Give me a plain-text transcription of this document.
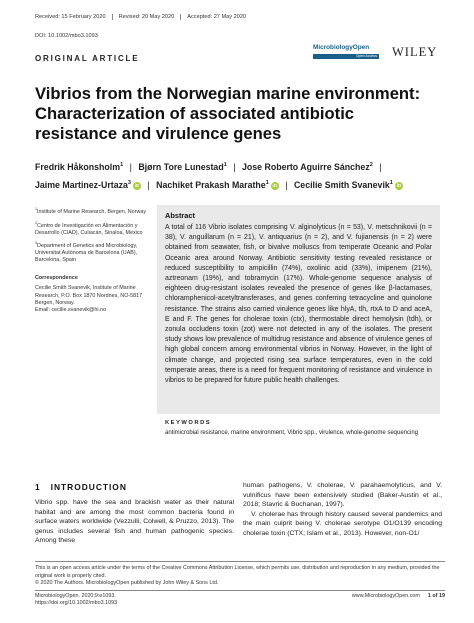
Received: 15 February 2020	Revised: 20 May 2020	Accepted: 27 May 2020
DOI: 10.1002/mbo3.1093
ORIGINAL ARTICLE
MicrobiologyOpen
Open Access WILEY
Vibrios from the Norwegian marine environment: Characterization of associated antibiotic resistance and virulence genes
Fredrik Håkonsholm$^1$ | Bjørn Tore Lunestad$^1$ | Jose Roberto Aguirre Sánchez$^2$ |
Jaime Martinez-Urtaza$^3$ iD | Nachiket Prakash Marathe$^1$ iD | Cecilie Smith Svanevik$^1$ iD

$^1$Institute of Marine Research, Bergen, Norway

$^2$Centro de Investigación en Alimentación y Desarrollo (CIAD), Culiacán, Sinaloa, Mexico

$^3$Department of Genetics and Microbiology, Universitat Autònoma de Barcelona (UAB), Barcelona, Spain

Correspondence

Cecilie Smith Svanevik, Institute of Marine Research, P.O. Box 1870 Nordnes, NO-5817 Bergen, Norway.
Email: cecilie.svanevik@hi.no

Abstract
A total of 116 Vibrio isolates comprising V. alginolyticus (n = 53), V. metschnikovii (n = 38), V. anguillarum (n = 21), V. antiquarius (n = 2), and V. fujianensis (n = 2) were obtained from seawater, fish, or bivalve molluscs from temperate Oceanic and Polar Oceanic area around Norway. Antibiotic sensitivity testing revealed resistance or reduced susceptibility to ampicillin (74%), oxolinic acid (33%), imipenem (21%), aztreonam (19%), and tobramycin (17%). Whole-genome sequence analysis of eighteen drug-resistant isolates revealed the presence of genes like β-lactamases, chloramphenicol-acetyltransferases, and genes conferring tetracycline and quinolone resistance. The strains also carried virulence genes like hlyA, tlh, rtxA to D and aceA, E and F. The genes for cholerae toxin (ctx), thermostable direct hemolysin (tdh), or zonula occludens toxin (zot) were not detected in any of the isolates. The present study shows low prevalence of multidrug resistance and absence of virulence genes of high global concern among environmental vibrios in Norway. However, in the light of climate change, and projected rising sea surface temperatures, even in the cold temperate areas, there is a need for frequent monitoring of resistance and virulence in vibrios to be prepared for future public health challenges.
KEYWORDS
antimicrobial resistance, marine environment, Vibrio spp., virulence, whole-genome sequencing
1 INTRODUCTION

Vibrio spp. have the sea and brackish water as their natural habitat and are among the most common bacteria found in surface waters worldwide (Vezzulli, Colwell, & Pruzzo, 2013). The genus includes several fish and human pathogenic species. Among these

human pathogens, V. cholerae, V. parahaemolyticus, and V. vulnificus have been extensively studied (Baker-Austin et al., 2018; Stavric & Buchanan, 1997).

V. cholerae has through history caused several pandemics and the main culprit being V. cholerae serotype O1/O139 encoding cholerae toxin (CTX; Islam et al., 2013). However, non-O1/

This is an open access article under the terms of the Creative Commons Attribution License, which permits use, distribution and reproduction in any medium, provided the original work is properly cited.
© 2020 The Authors. MicrobiologyOpen published by John Wiley & Sons Ltd.
MicrobiologyOpen. 2020;9:e1093.
https://doi.org/10.1002/mbo3.1093
www.MicrobiologyOpen.com 1 of 19
